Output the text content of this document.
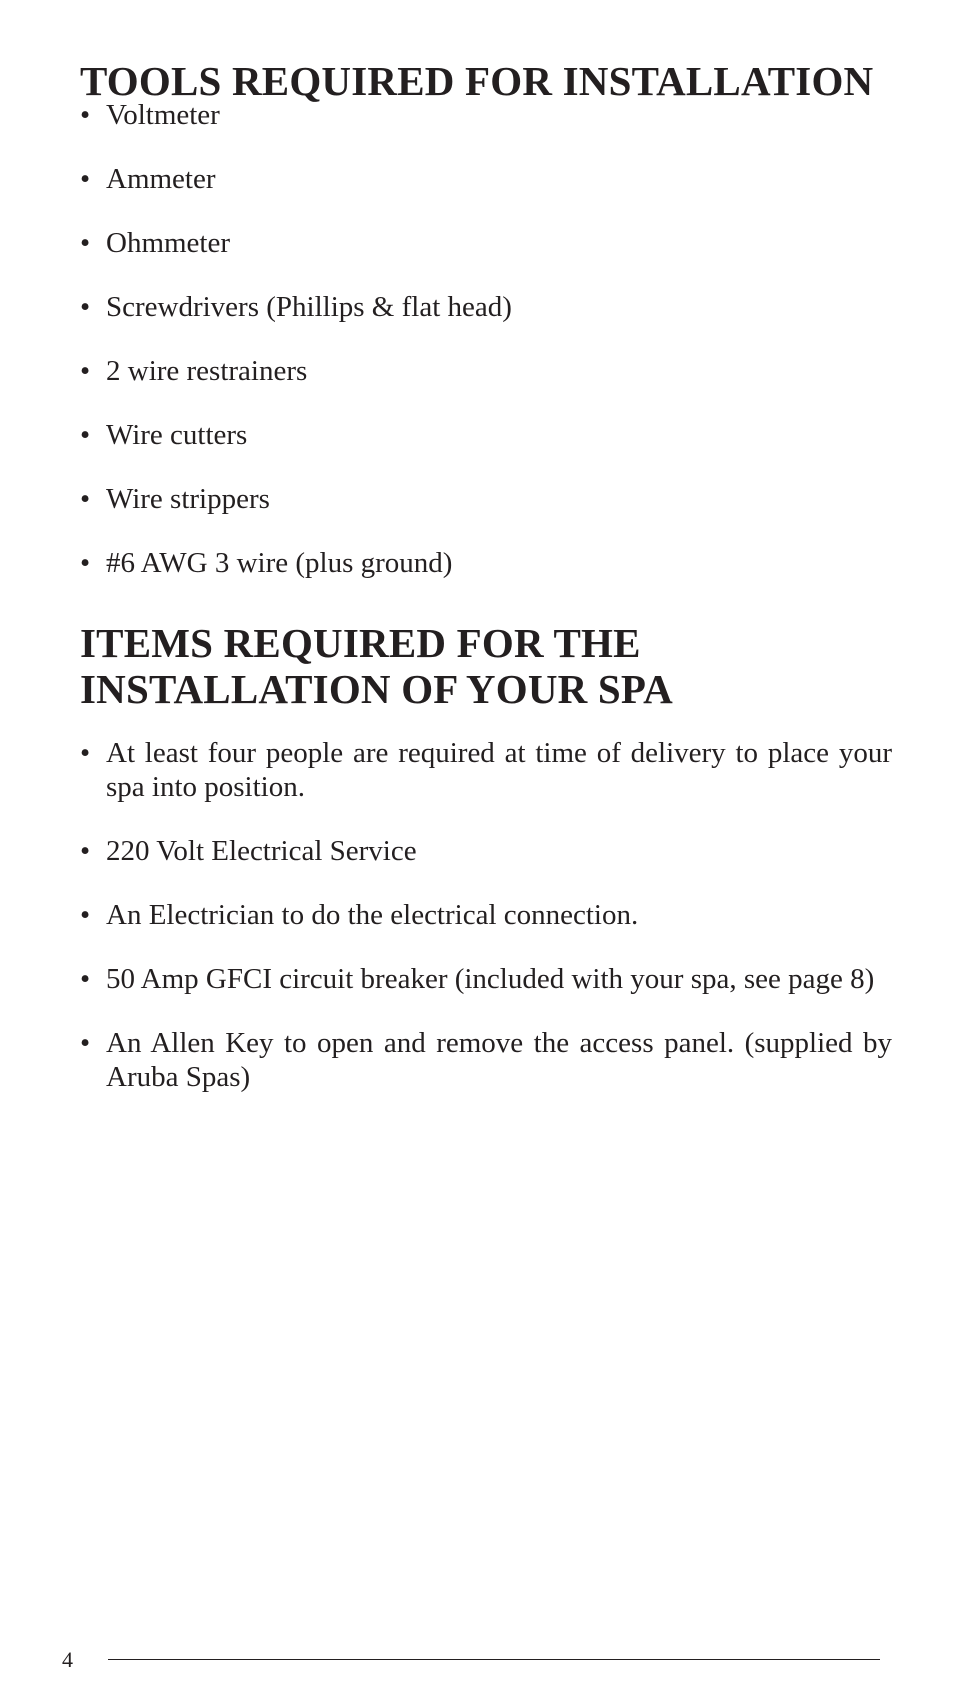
TOOLS REQUIRED FOR INSTALLATION
• Voltmeter
• Ammeter
• Ohmmeter
• Screwdrivers (Phillips & flat head)
• 2 wire restrainers
• Wire cutters
• Wire strippers
• #6 AWG 3 wire (plus ground)
ITEMS REQUIRED FOR THE
INSTALLATION OF YOUR SPA
• At least four people are required at time of delivery to place your spa into position.
• 220 Volt Electrical Service
• An Electrician to do the electrical connection.
• 50 Amp GFCI circuit breaker (included with your spa, see page 8)
• An Allen Key to open and remove the access panel. (supplied by Aruba Spas)
4
